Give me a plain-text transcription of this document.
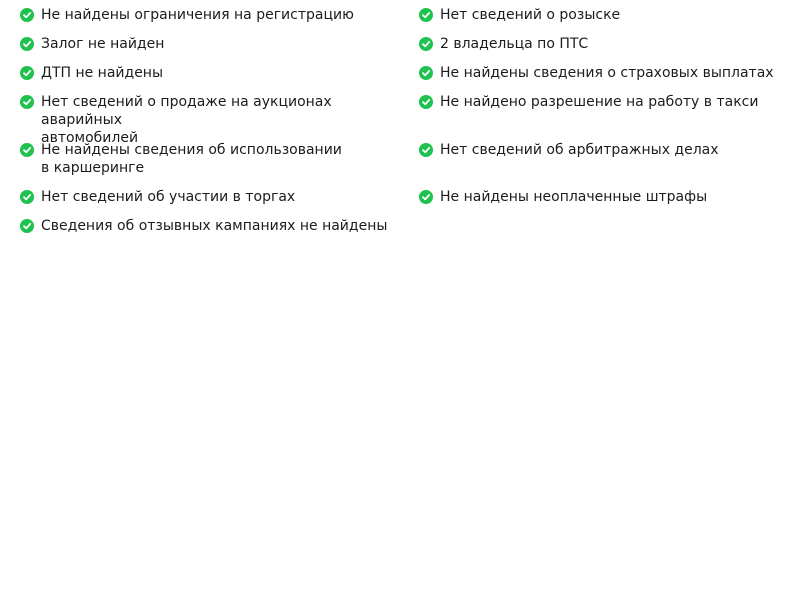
Не найдены ограничения на регистрацию
Залог не найден
ДТП не найдены
Нет сведений о продаже на аукционах аварийных
автомобилей
Не найдены сведения об использовании
в каршеринге
Нет сведений об участии в торгах
Сведения об отзывных кампаниях не найдены
Нет сведений о розыске
2 владельца по ПТС
Не найдены сведения о страховых выплатах
Не найдено разрешение на работу в такси
Нет сведений об арбитражных делах
Не найдены неоплаченные штрафы
